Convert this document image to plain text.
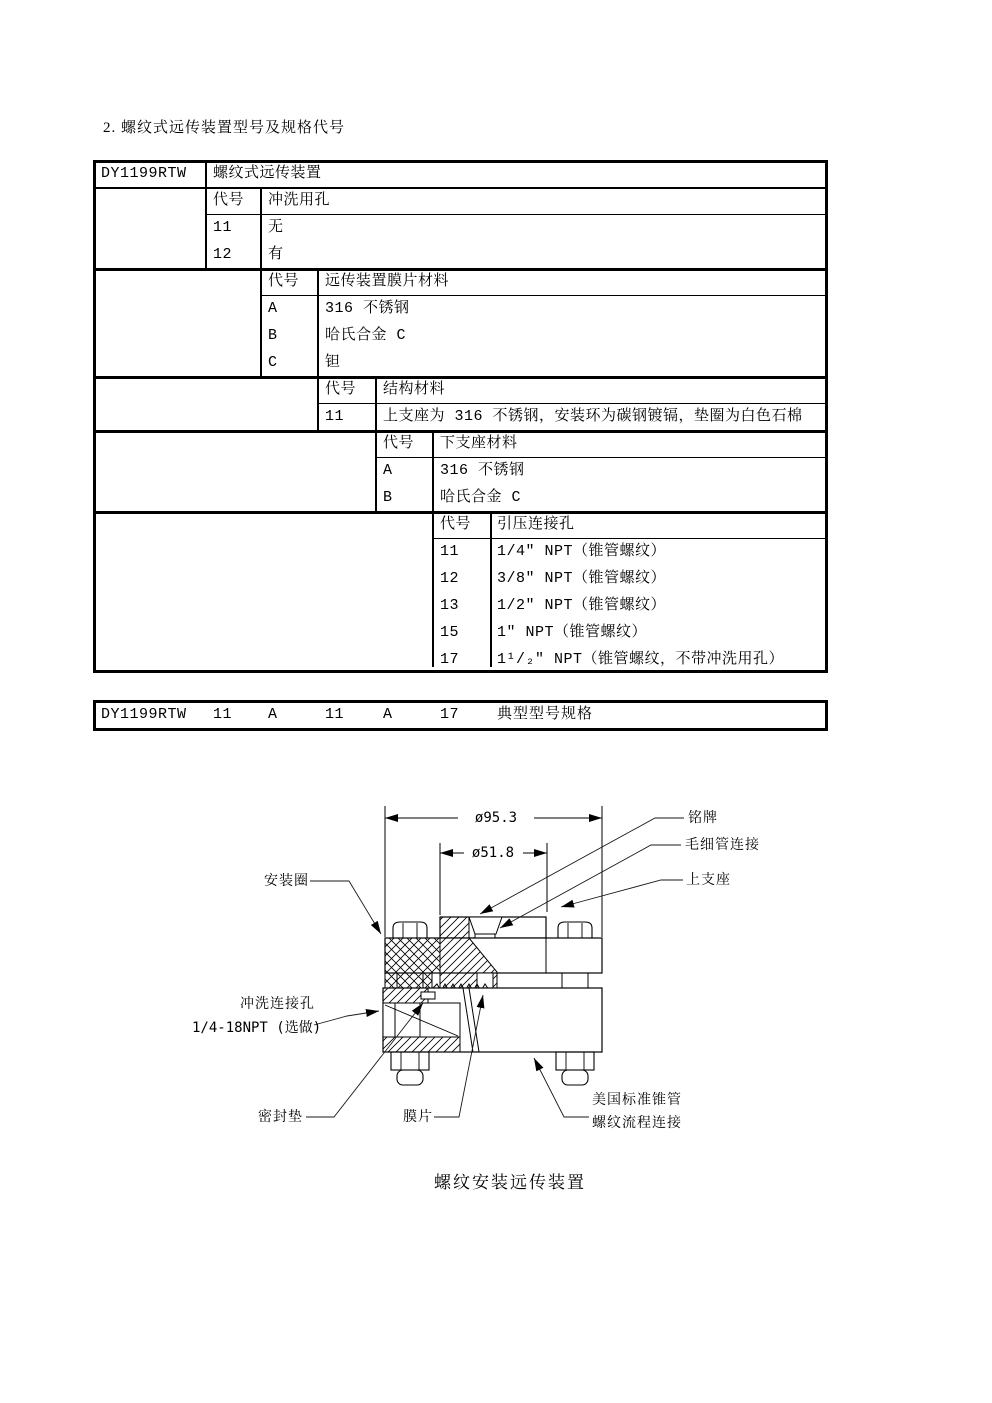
2. 螺纹式远传装置型号及规格代号
DY1199RTW 螺纹式远传装置
代号 冲洗用孔
11 无
12 有
代号 远传装置膜片材料
A	316 不锈钢
B	哈氏合金 C
C	钽
代号 结构材料
11	上支座为 316 不锈钢，安装环为碳钢镀镉，垫圈为白色石棉
代号 下支座材料
A	316 不锈钢
B	哈氏合金 C
代号 引压连接孔
11	1/4″ NPT（锥管螺纹）
12	3/8″ NPT（锥管螺纹）
13	1/2″ NPT（锥管螺纹）
15	1″ NPT（锥管螺纹）
17	1¹/₂″ NPT（锥管螺纹，不带冲洗用孔）
DY1199RTW 11 A	11	A	17	典型型号规格
ø95.3
ø51.8
铭牌
毛细管连接
上支座
安装圈
冲洗连接孔
1/4-18NPT (选做)
密封垫	膜片
美国标准锥管
螺纹流程连接
螺纹安装远传装置
